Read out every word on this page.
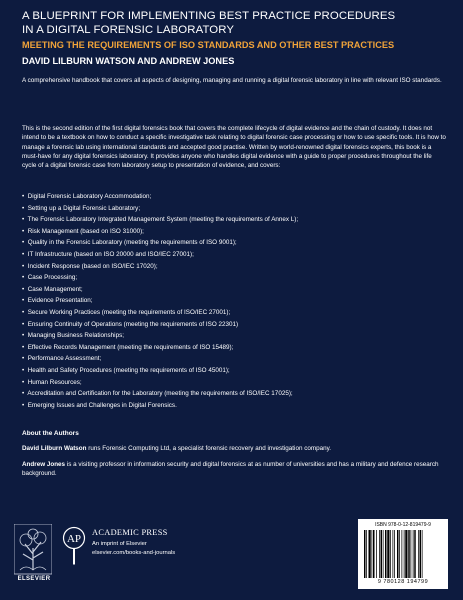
A BLUEPRINT FOR IMPLEMENTING BEST PRACTICE PROCEDURES
IN A DIGITAL FORENSIC LABORATORY

MEETING THE REQUIREMENTS OF ISO STANDARDS AND OTHER BEST PRACTICES

DAVID LILBURN WATSON AND ANDREW JONES

A comprehensive handbook that covers all aspects of designing, managing and running a digital forensic laboratory in line with relevant ISO standards.

This is the second edition of the first digital forensics book that covers the complete lifecycle of digital evidence and the chain of custody. It does not intend to be a textbook on how to conduct a specific investigative task relating to digital forensic case processing or how to use specific tools. It is how to manage a forensic lab using international standards and accepted good practise. Written by world-renowned digital forensics experts, this book is a must-have for any digital forensics laboratory. It provides anyone who handles digital evidence with a guide to proper procedures throughout the life cycle of a digital forensic case from laboratory setup to presentation of evidence, and covers:

•  Digital Forensic Laboratory Accommodation;
•  Setting up a Digital Forensic Laboratory;
•  The Forensic Laboratory Integrated Management System (meeting the requirements of Annex L);
•  Risk Management (based on ISO 31000);
•  Quality in the Forensic Laboratory (meeting the requirements of ISO 9001);
•  IT Infrastructure (based on ISO 20000 and ISO/IEC 27001);
•  Incident Response (based on ISO/IEC 17020);
•  Case Processing;
•  Case Management;
•  Evidence Presentation;
•  Secure Working Practices (meeting the requirements of ISO/IEC 27001);
•  Ensuring Continuity of Operations (meeting the requirements of ISO 22301)
•  Managing Business Relationships;
•  Effective Records Management (meeting the requirements of ISO 15489);
•  Performance Assessment;
•  Health and Safety Procedures (meeting the requirements of ISO 45001);
•  Human Resources;
•  Accreditation and Certification for the Laboratory (meeting the requirements of ISO/IEC 17025);
•  Emerging Issues and Challenges in Digital Forensics.

About the Authors

David Lilburn Watson runs Forensic Computing Ltd, a specialist forensic recovery and investigation company.

Andrew Jones is a visiting professor in information security and digital forensics at as number of universities and has a military and defence research background.

ELSEVIER
AP
ACADEMIC PRESS
An imprint of Elsevier
elsevier.com/books-and-journals
ISBN 978-0-12-819479-9
9 780128 194799
